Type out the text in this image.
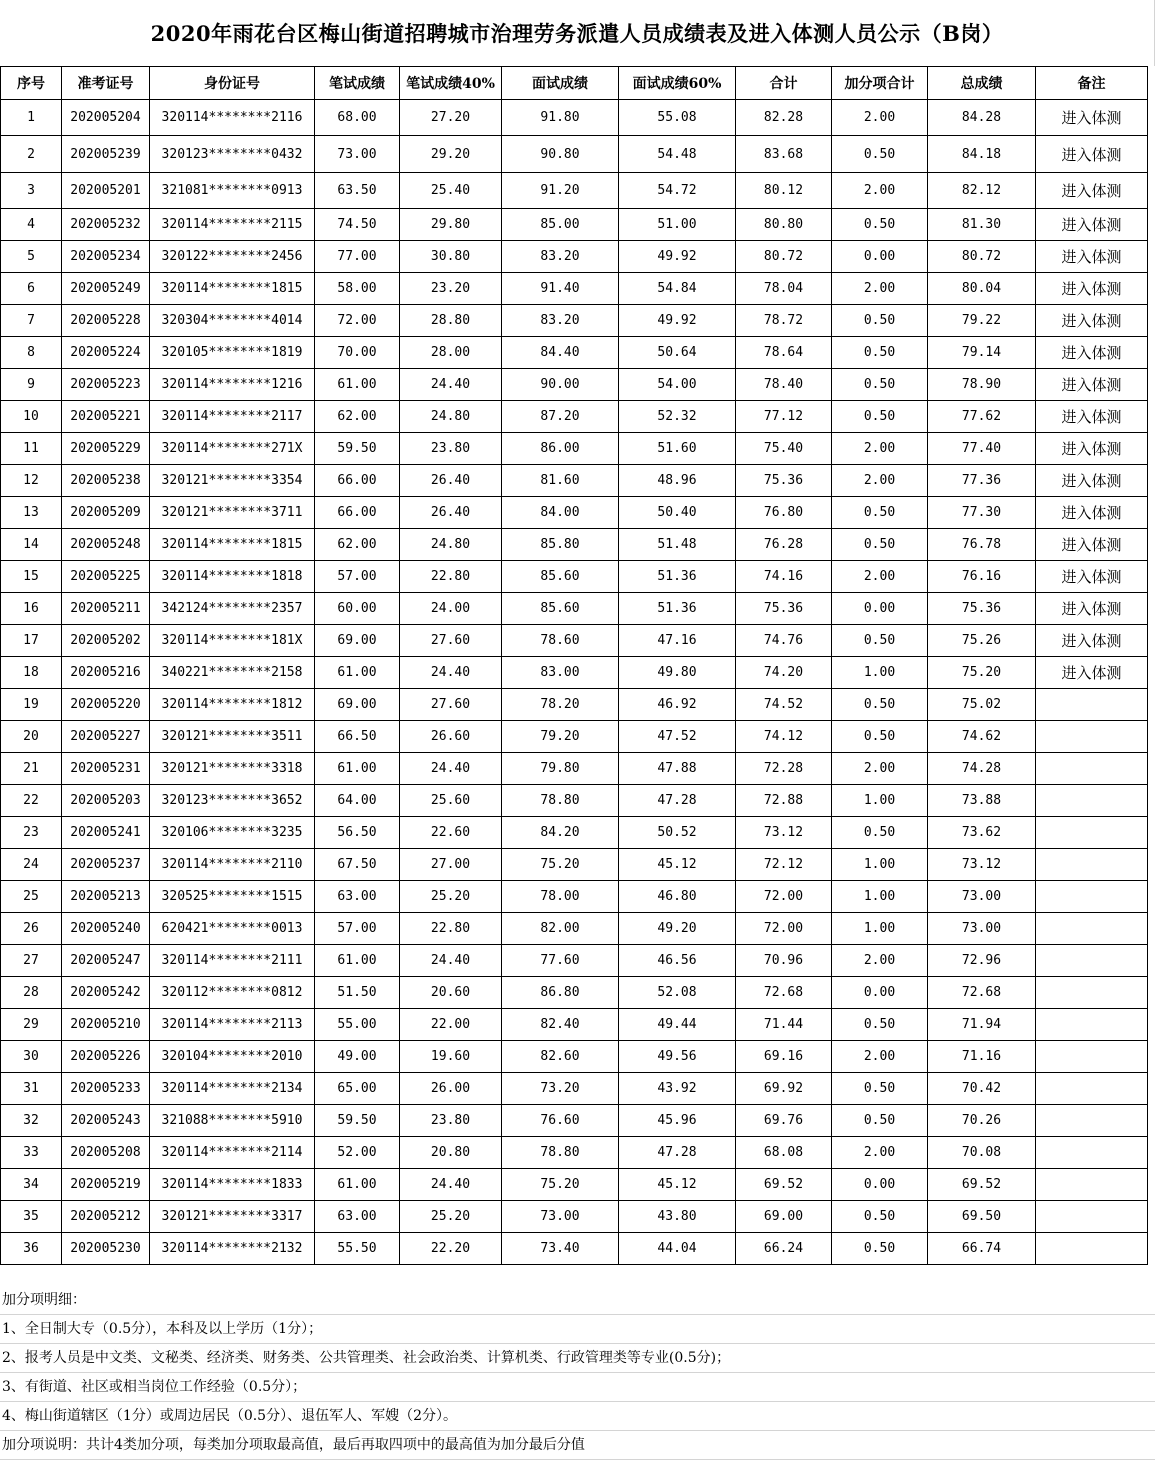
2020年雨花台区梅山街道招聘城市治理劳务派遣人员成绩表及进入体测人员公示（B岗）
序号	准考证号	身份证号	笔试成绩	笔试成绩40%	面试成绩	面试成绩60%	合计	加分项合计	总成绩	备注
1	202005204	320114********2116	68.00	27.20	91.80	55.08	82.28	2.00	84.28	进入体测
2	202005239	320123********0432	73.00	29.20	90.80	54.48	83.68	0.50	84.18	进入体测
3	202005201	321081********0913	63.50	25.40	91.20	54.72	80.12	2.00	82.12	进入体测
4	202005232	320114********2115	74.50	29.80	85.00	51.00	80.80	0.50	81.30	进入体测
5	202005234	320122********2456	77.00	30.80	83.20	49.92	80.72	0.00	80.72	进入体测
6	202005249	320114********1815	58.00	23.20	91.40	54.84	78.04	2.00	80.04	进入体测
7	202005228	320304********4014	72.00	28.80	83.20	49.92	78.72	0.50	79.22	进入体测
8	202005224	320105********1819	70.00	28.00	84.40	50.64	78.64	0.50	79.14	进入体测
9	202005223	320114********1216	61.00	24.40	90.00	54.00	78.40	0.50	78.90	进入体测
10	202005221	320114********2117	62.00	24.80	87.20	52.32	77.12	0.50	77.62	进入体测
11	202005229	320114********271X	59.50	23.80	86.00	51.60	75.40	2.00	77.40	进入体测
12	202005238	320121********3354	66.00	26.40	81.60	48.96	75.36	2.00	77.36	进入体测
13	202005209	320121********3711	66.00	26.40	84.00	50.40	76.80	0.50	77.30	进入体测
14	202005248	320114********1815	62.00	24.80	85.80	51.48	76.28	0.50	76.78	进入体测
15	202005225	320114********1818	57.00	22.80	85.60	51.36	74.16	2.00	76.16	进入体测
16	202005211	342124********2357	60.00	24.00	85.60	51.36	75.36	0.00	75.36	进入体测
17	202005202	320114********181X	69.00	27.60	78.60	47.16	74.76	0.50	75.26	进入体测
18	202005216	340221********2158	61.00	24.40	83.00	49.80	74.20	1.00	75.20	进入体测
19	202005220	320114********1812	69.00	27.60	78.20	46.92	74.52	0.50	75.02	
20	202005227	320121********3511	66.50	26.60	79.20	47.52	74.12	0.50	74.62	
21	202005231	320121********3318	61.00	24.40	79.80	47.88	72.28	2.00	74.28	
22	202005203	320123********3652	64.00	25.60	78.80	47.28	72.88	1.00	73.88	
23	202005241	320106********3235	56.50	22.60	84.20	50.52	73.12	0.50	73.62	
24	202005237	320114********2110	67.50	27.00	75.20	45.12	72.12	1.00	73.12	
25	202005213	320525********1515	63.00	25.20	78.00	46.80	72.00	1.00	73.00	
26	202005240	620421********0013	57.00	22.80	82.00	49.20	72.00	1.00	73.00	
27	202005247	320114********2111	61.00	24.40	77.60	46.56	70.96	2.00	72.96	
28	202005242	320112********0812	51.50	20.60	86.80	52.08	72.68	0.00	72.68	
29	202005210	320114********2113	55.00	22.00	82.40	49.44	71.44	0.50	71.94	
30	202005226	320104********2010	49.00	19.60	82.60	49.56	69.16	2.00	71.16	
31	202005233	320114********2134	65.00	26.00	73.20	43.92	69.92	0.50	70.42	
32	202005243	321088********5910	59.50	23.80	76.60	45.96	69.76	0.50	70.26	
33	202005208	320114********2114	52.00	20.80	78.80	47.28	68.08	2.00	70.08	
34	202005219	320114********1833	61.00	24.40	75.20	45.12	69.52	0.00	69.52	
35	202005212	320121********3317	63.00	25.20	73.00	43.80	69.00	0.50	69.50	
36	202005230	320114********2132	55.50	22.20	73.40	44.04	66.24	0.50	66.74	
加分项明细：
1、全日制大专（0.5分），本科及以上学历（1分）；
2、报考人员是中文类、文秘类、经济类、财务类、公共管理类、社会政治类、计算机类、行政管理类等专业(0.5分)；
3、有街道、社区或相当岗位工作经验（0.5分）；
4、梅山街道辖区（1分）或周边居民（0.5分）、退伍军人、军嫂（2分）。
加分项说明：共计4类加分项，每类加分项取最高值，最后再取四项中的最高值为加分最后分值
